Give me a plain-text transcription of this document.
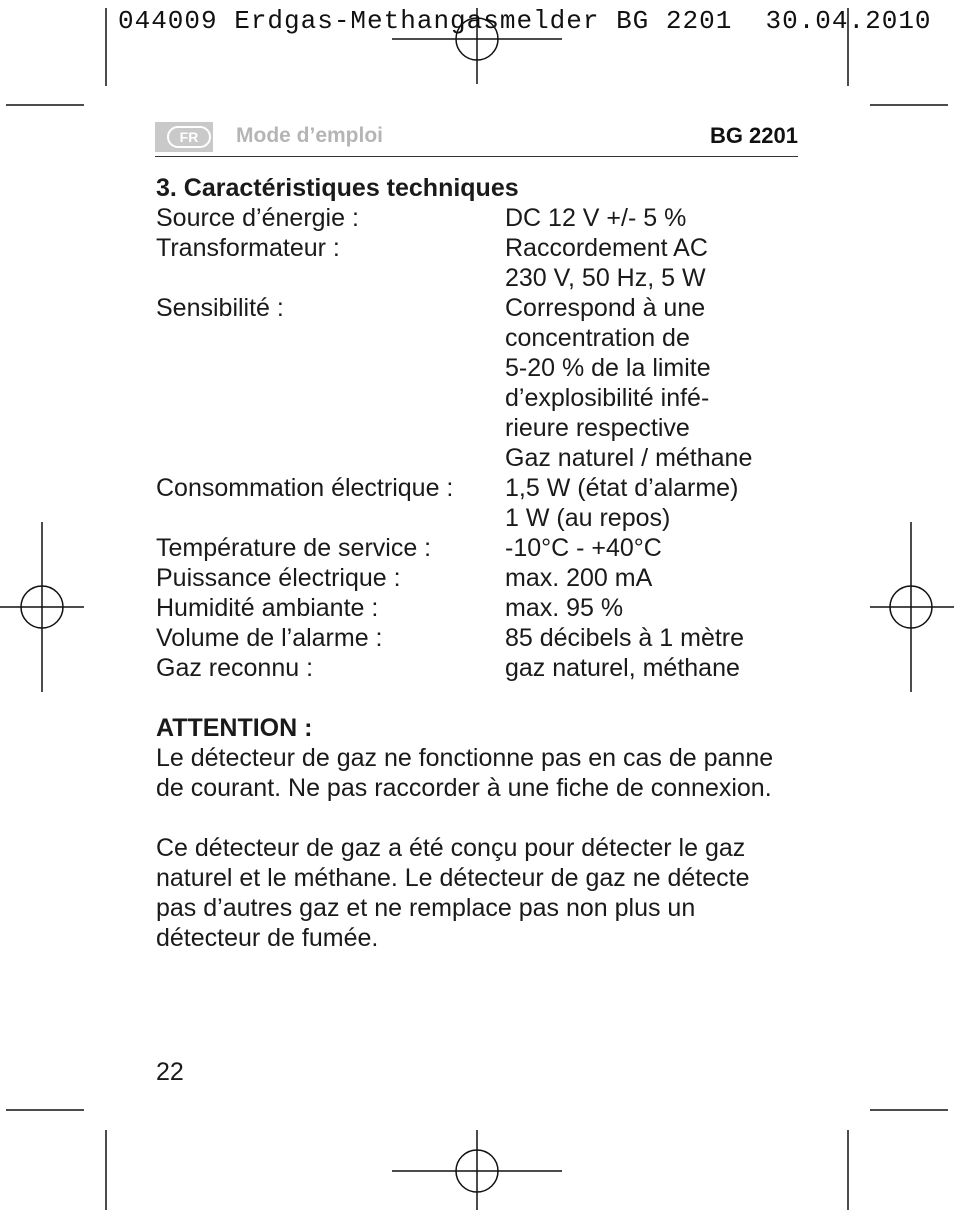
044009 Erdgas-Methangasmelder BG 2201  30.04.2010
FR	Mode d’emploi	BG 2201
3. Caractéristiques techniques
Source d’énergie :	DC 12 V +/- 5 %
Transformateur :	Raccordement AC
230 V, 50 Hz, 5 W
Sensibilité :	Correspond à une
concentration de
5-20 % de la limite
d’explosibilité infé-
rieure respective
Gaz naturel / méthane
Consommation électrique :	1,5 W (état d’alarme)
1 W (au repos)
Température de service :	-10°C - +40°C
Puissance électrique :	max. 200 mA
Humidité ambiante :	max. 95 %
Volume de l’alarme :	85 décibels à 1 mètre
Gaz reconnu :	gaz naturel, méthane
ATTENTION :

Le détecteur de gaz ne fonctionne pas en cas de panne de courant. Ne pas raccorder à une fiche de connexion.

Ce détecteur de gaz a été conçu pour détecter le gaz naturel et le méthane. Le détecteur de gaz ne détecte pas d’autres gaz et ne remplace pas non plus un détecteur de fumée.

22
